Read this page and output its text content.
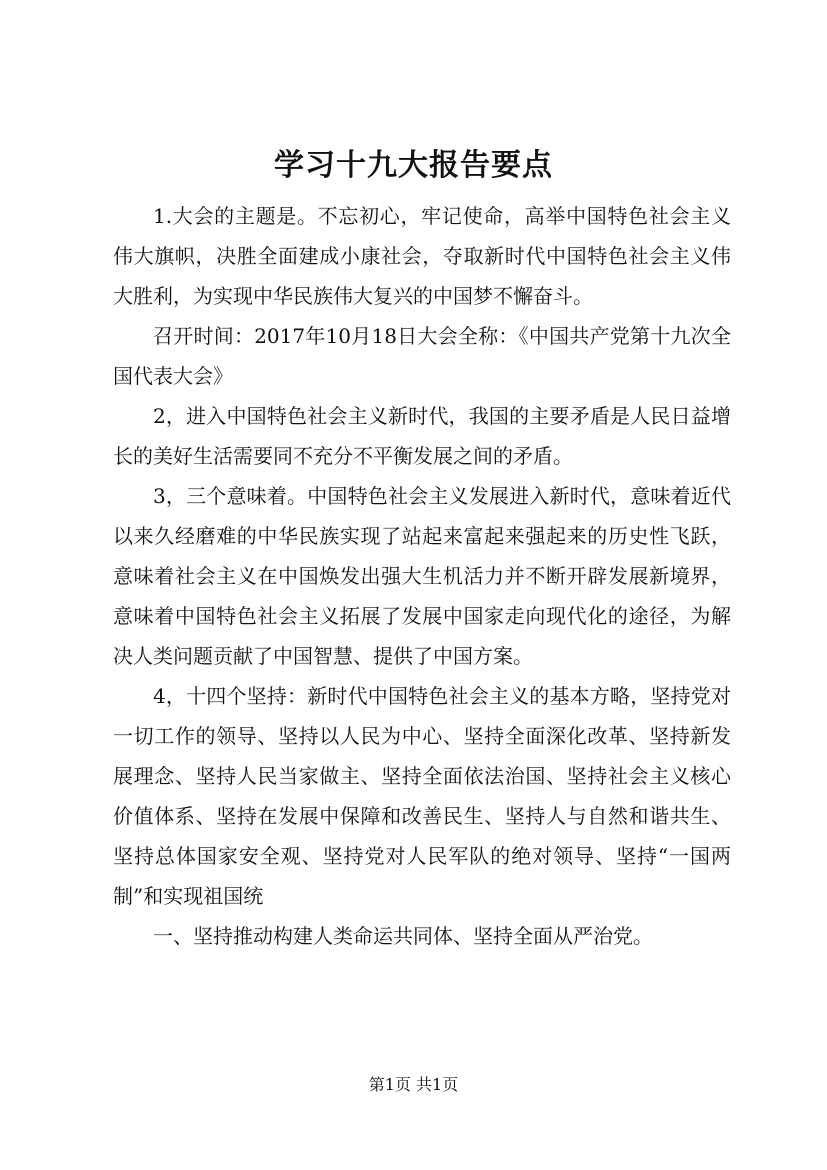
学习十九大报告要点

1.大会的主题是。不忘初心，牢记使命，高举中国特色社会主义伟大旗帜，决胜全面建成小康社会，夺取新时代中国特色社会主义伟大胜利，为实现中华民族伟大复兴的中国梦不懈奋斗。

召开时间：2017年10月18日大会全称：《中国共产党第十九次全国代表大会》

2，进入中国特色社会主义新时代，我国的主要矛盾是人民日益增长的美好生活需要同不充分不平衡发展之间的矛盾。

3，三个意味着。中国特色社会主义发展进入新时代，意味着近代以来久经磨难的中华民族实现了站起来富起来强起来的历史性飞跃，意味着社会主义在中国焕发出强大生机活力并不断开辟发展新境界，意味着中国特色社会主义拓展了发展中国家走向现代化的途径，为解决人类问题贡献了中国智慧、提供了中国方案。

4，十四个坚持：新时代中国特色社会主义的基本方略，坚持党对一切工作的领导、坚持以人民为中心、坚持全面深化改革、坚持新发展理念、坚持人民当家做主、坚持全面依法治国、坚持社会主义核心价值体系、坚持在发展中保障和改善民生、坚持人与自然和谐共生、坚持总体国家安全观、坚持党对人民军队的绝对领导、坚持“一国两制”和实现祖国统

一、坚持推动构建人类命运共同体、坚持全面从严治党。

第1页 共1页
